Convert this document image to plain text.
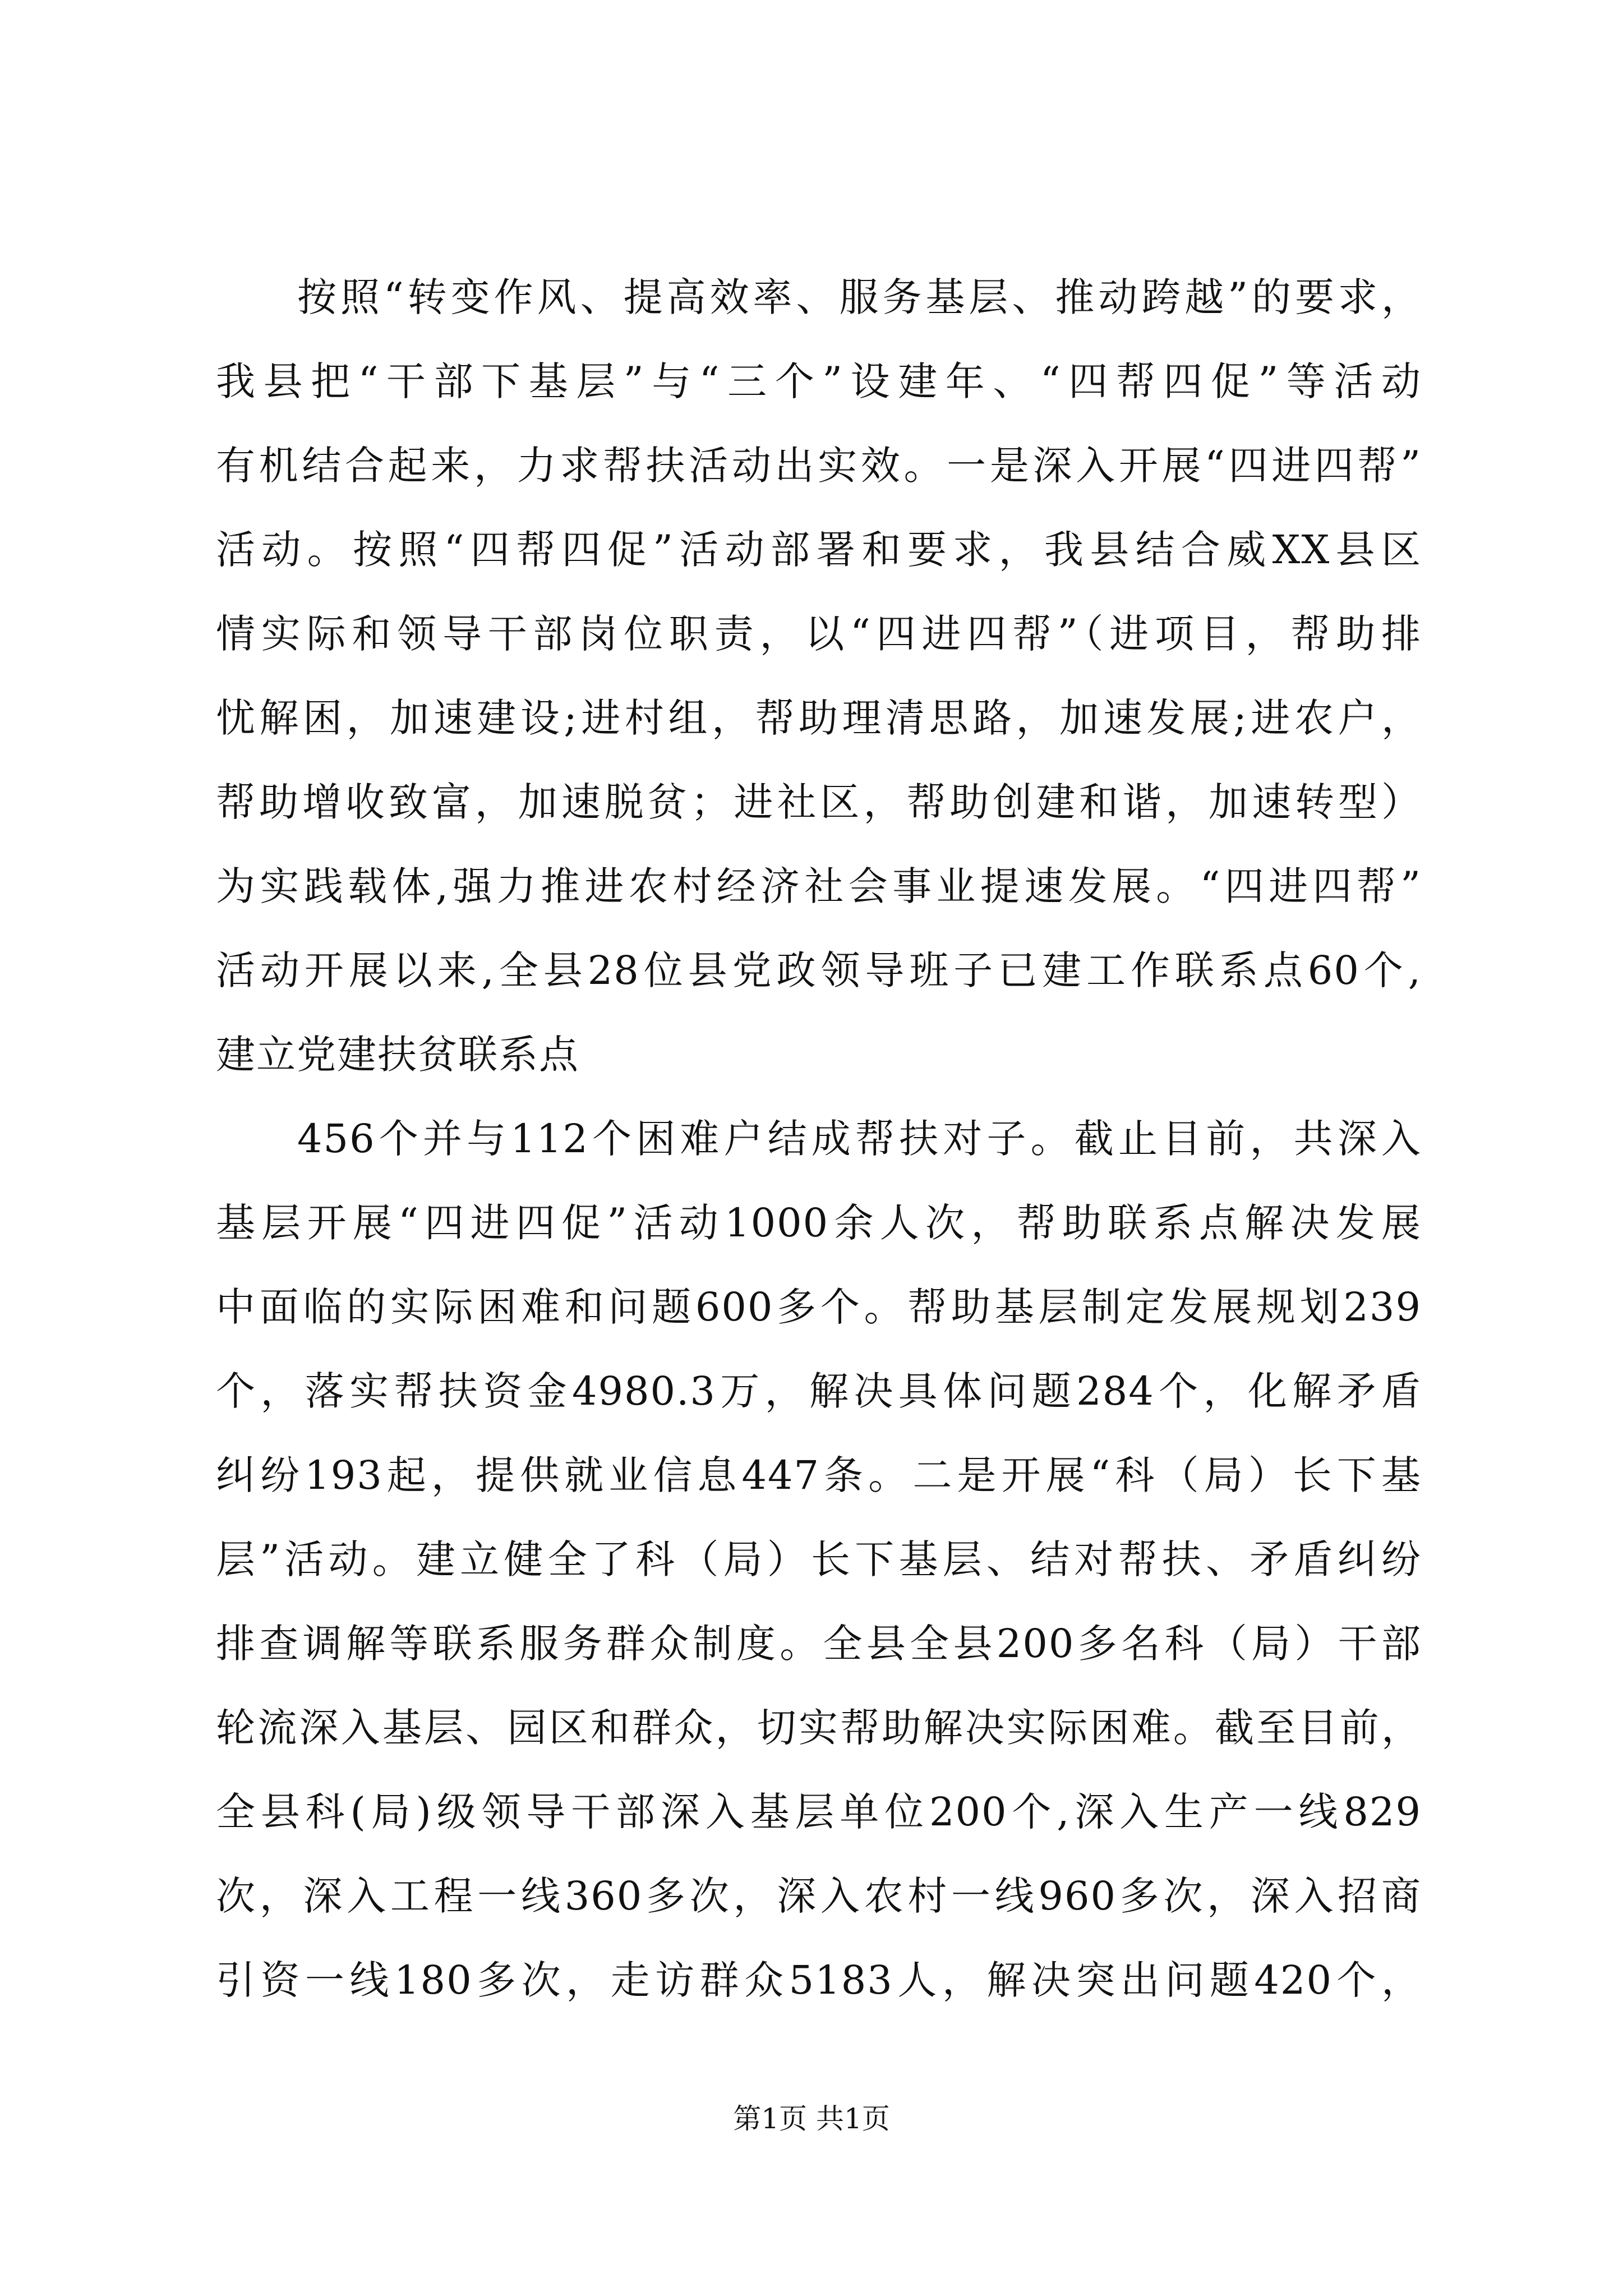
按照“转变作风、提高效率、服务基层、推动跨越”的要求，
我县把“干部下基层”与“三个”设建年、“四帮四促”等活动
有机结合起来，力求帮扶活动出实效。一是深入开展“四进四帮”
活动。按照“四帮四促”活动部署和要求，我县结合威XX县区
情实际和领导干部岗位职责，以“四进四帮”（进项目，帮助排
忧解困，加速建设;进村组，帮助理清思路，加速发展;进农户，
帮助增收致富，加速脱贫；进社区，帮助创建和谐，加速转型）
为实践载体,强力推进农村经济社会事业提速发展。“四进四帮”
活动开展以来,全县28位县党政领导班子已建工作联系点60个,
建立党建扶贫联系点
456个并与112个困难户结成帮扶对子。截止目前，共深入
基层开展“四进四促”活动1000余人次，帮助联系点解决发展
中面临的实际困难和问题600多个。帮助基层制定发展规划239
个，落实帮扶资金4980.3万，解决具体问题284个，化解矛盾
纠纷193起，提供就业信息447条。二是开展“科（局）长下基
层”活动。建立健全了科（局）长下基层、结对帮扶、矛盾纠纷
排查调解等联系服务群众制度。全县全县200多名科（局）干部
轮流深入基层、园区和群众，切实帮助解决实际困难。截至目前，
全县科(局)级领导干部深入基层单位200个,深入生产一线829
次，深入工程一线360多次，深入农村一线960多次，深入招商
引资一线180多次，走访群众5183人，解决突出问题420个，
第1页 共1页
